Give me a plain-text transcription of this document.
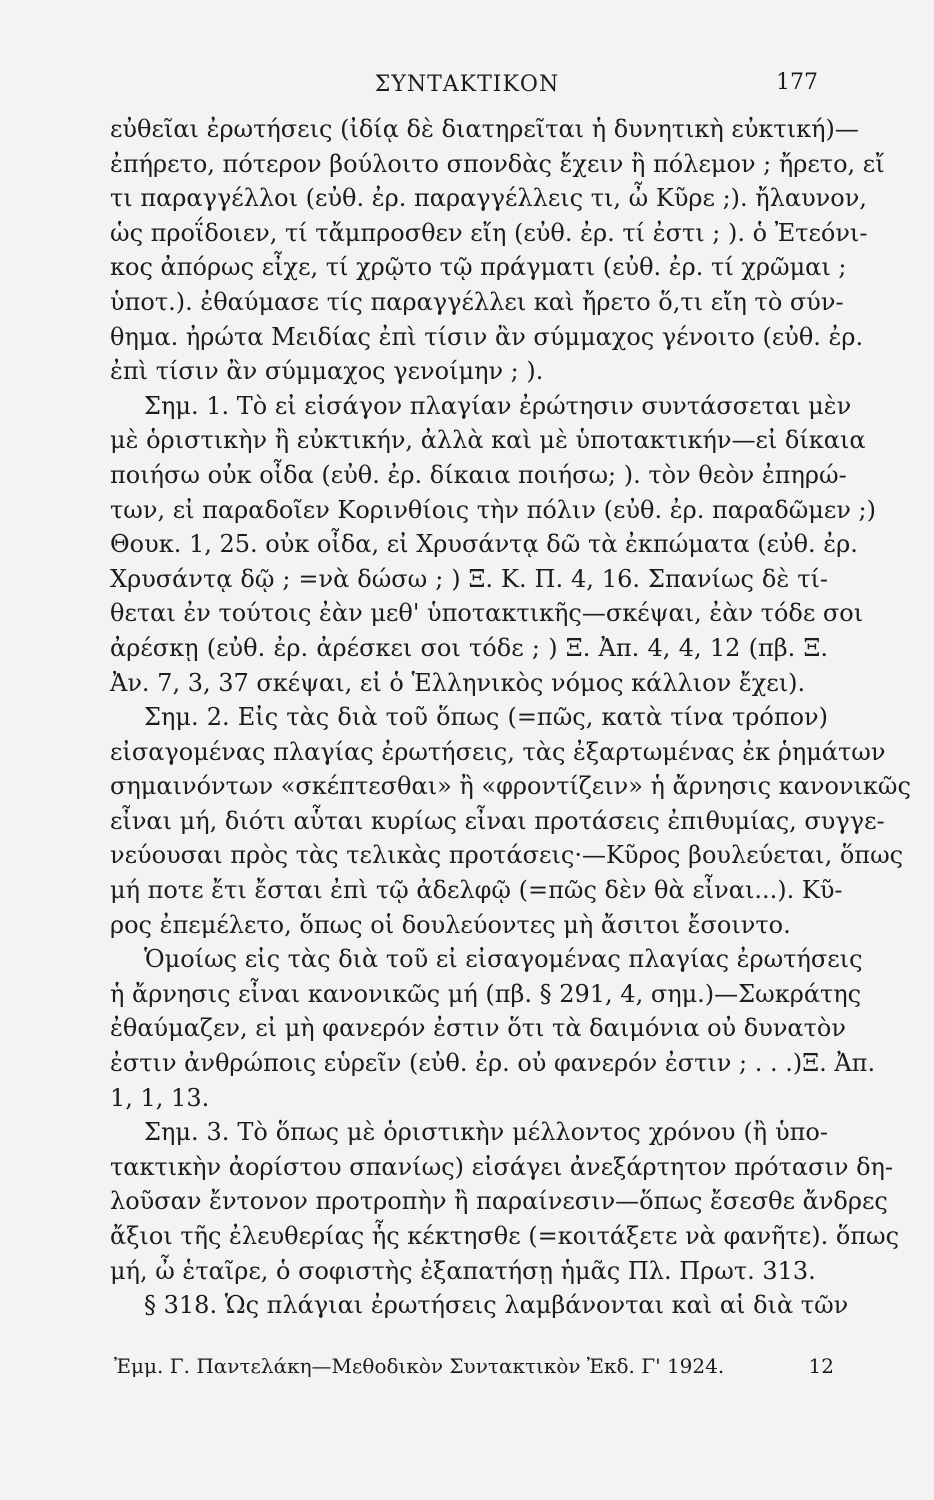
ΣΥΝΤΑΚΤΙΚΟΝ	177
εὐθεῖαι ἐρωτήσεις (ἰδίᾳ δὲ διατηρεῖται ἡ δυνητικὴ εὐκτική)—
ἐπήρετο, πότερον βούλοιτο σπονδὰς ἔχειν ἢ πόλεμον ; ἤρετο, εἴ
τι παραγγέλλοι (εὐθ. ἐρ. παραγγέλλεις τι, ὦ Κῦρε ;). ἤλαυνον,
ὡς προΐδοιεν, τί τἄμπροσθεν εἴη (εὐθ. ἐρ. τί ἐστι ; ). ὁ Ἐτεόνι-
κος ἀπόρως εἶχε, τί χρῷτο τῷ πράγματι (εὐθ. ἐρ. τί χρῶμαι ;
ὑποτ.). ἐθαύμασε τίς παραγγέλλει καὶ ἤρετο ὅ,τι εἴη τὸ σύν-
θημα. ἠρώτα Μειδίας ἐπὶ τίσιν ἂν σύμμαχος γένοιτο (εὐθ. ἐρ.
ἐπὶ τίσιν ἂν σύμμαχος γενοίμην ; ).
Σημ. 1. Τὸ εἰ εἰσάγον πλαγίαν ἐρώτησιν συντάσσεται μὲν
μὲ ὁριστικὴν ἢ εὐκτικήν, ἀλλὰ καὶ μὲ ὑποτακτικήν—εἰ δίκαια
ποιήσω οὐκ οἶδα (εὐθ. ἐρ. δίκαια ποιήσω; ). τὸν θεὸν ἐπηρώ-
των, εἰ παραδοῖεν Κορινθίοις τὴν πόλιν (εὐθ. ἐρ. παραδῶμεν ;)
Θουκ. 1, 25. οὐκ οἶδα, εἰ Χρυσάντᾳ δῶ τὰ ἐκπώματα (εὐθ. ἐρ.
Χρυσάντᾳ δῷ ; =νὰ δώσω ; ) Ξ. Κ. Π. 4, 16. Σπανίως δὲ τί-
θεται ἐν τούτοις ἐὰν μεθ' ὑποτακτικῆς—σκέψαι, ἐὰν τόδε σοι
ἀρέσκῃ (εὐθ. ἐρ. ἀρέσκει σοι τόδε ; ) Ξ. Ἀπ. 4, 4, 12 (πβ. Ξ.
Ἀν. 7, 3, 37 σκέψαι, εἰ ὁ Ἑλληνικὸς νόμος κάλλιον ἔχει).
Σημ. 2. Εἰς τὰς διὰ τοῦ ὅπως (=πῶς, κατὰ τίνα τρόπον)
εἰσαγομένας πλαγίας ἐρωτήσεις, τὰς ἐξαρτωμένας ἐκ ῥημάτων
σημαινόντων «σκέπτεσθαι» ἢ «φροντίζειν» ἡ ἄρνησις κανονικῶς
εἶναι μή, διότι αὗται κυρίως εἶναι προτάσεις ἐπιθυμίας, συγγε-
νεύουσαι πρὸς τὰς τελικὰς προτάσεις·—Κῦρος βουλεύεται, ὅπως
μή ποτε ἔτι ἔσται ἐπὶ τῷ ἀδελφῷ (=πῶς δὲν θὰ εἶναι...). Κῦ-
ρος ἐπεμέλετο, ὅπως οἱ δουλεύοντες μὴ ἄσιτοι ἔσοιντο.
Ὁμοίως εἰς τὰς διὰ τοῦ εἰ εἰσαγομένας πλαγίας ἐρωτήσεις
ἡ ἄρνησις εἶναι κανονικῶς μή (πβ. § 291, 4, σημ.)—Σωκράτης
ἐθαύμαζεν, εἰ μὴ φανερόν ἐστιν ὅτι τὰ δαιμόνια οὐ δυνατὸν
ἐστιν ἀνθρώποις εὑρεῖν (εὐθ. ἐρ. οὐ φανερόν ἐστιν ; . . .)Ξ. Ἀπ.
1, 1, 13.
Σημ. 3. Τὸ ὅπως μὲ ὁριστικὴν μέλλοντος χρόνου (ἢ ὑπο-
τακτικὴν ἀορίστου σπανίως) εἰσάγει ἀνεξάρτητον πρότασιν δη-
λοῦσαν ἔντονον προτροπὴν ἢ παραίνεσιν—ὅπως ἔσεσθε ἄνδρες
ἄξιοι τῆς ἐλευθερίας ἧς κέκτησθε (=κοιτάξετε νὰ φανῆτε). ὅπως
μή, ὦ ἑταῖρε, ὁ σοφιστὴς ἐξαπατήσῃ ἡμᾶς Πλ. Πρωτ. 313.
§ 318. Ὡς πλάγιαι ἐρωτήσεις λαμβάνονται καὶ αἱ διὰ τῶν
Ἐμμ. Γ. Παντελάκη—Μεθοδικὸν Συντακτικὸν Ἐκδ. Γ' 1924.	12
